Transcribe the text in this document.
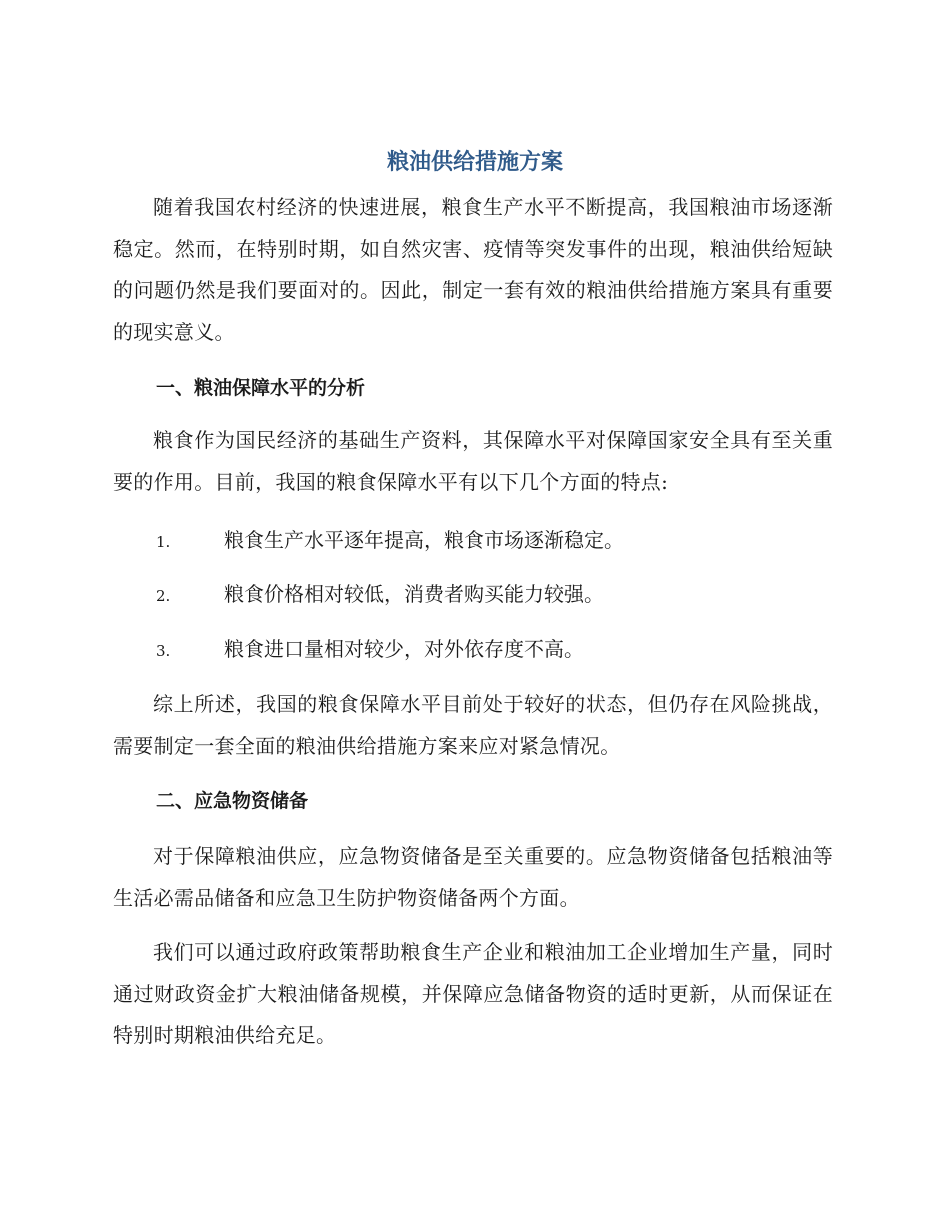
粮油供给措施方案

随着我国农村经济的快速进展，粮食生产水平不断提高，我国粮油市场逐渐稳定。然而，在特别时期，如自然灾害、疫情等突发事件的出现，粮油供给短缺的问题仍然是我们要面对的。因此，制定一套有效的粮油供给措施方案具有重要的现实意义。

一、粮油保障水平的分析

粮食作为国民经济的基础生产资料，其保障水平对保障国家安全具有至关重要的作用。目前，我国的粮食保障水平有以下几个方面的特点:

1.	粮食生产水平逐年提高，粮食市场逐渐稳定。
2.	粮食价格相对较低，消费者购买能力较强。
3.	粮食进口量相对较少，对外依存度不高。

综上所述，我国的粮食保障水平目前处于较好的状态，但仍存在风险挑战，需要制定一套全面的粮油供给措施方案来应对紧急情况。

二、应急物资储备

对于保障粮油供应，应急物资储备是至关重要的。应急物资储备包括粮油等生活必需品储备和应急卫生防护物资储备两个方面。

我们可以通过政府政策帮助粮食生产企业和粮油加工企业增加生产量，同时通过财政资金扩大粮油储备规模，并保障应急储备物资的适时更新，从而保证在特别时期粮油供给充足。
